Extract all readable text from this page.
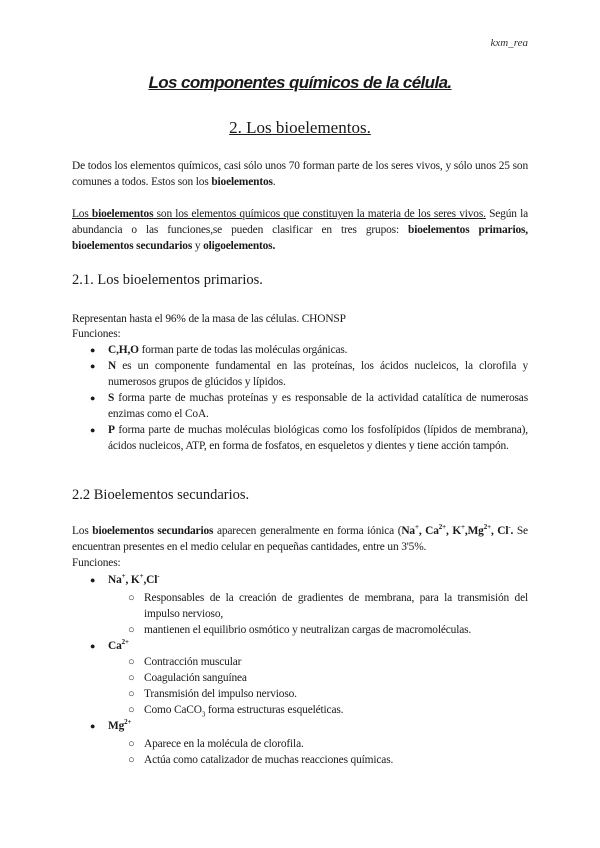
kxm_rea
Los componentes químicos de la célula.
2. Los bioelementos.

De todos los elementos químicos, casi sólo unos 70 forman parte de los seres vivos, y sólo unos 25 son comunes a todos. Estos son los bioelementos.

Los bioelementos son los elementos químicos que constituyen la materia de los seres vivos. Según la abundancia o las funciones,se pueden clasificar en tres grupos: bioelementos primarios, bioelementos secundarios y oligoelementos.

2.1. Los bioelementos primarios.

Representan hasta el 96% de la masa de las células. CHONSP

Funciones:

●

C,H,O forman parte de todas las moléculas orgánicas.

●

N es un componente fundamental en las proteínas, los ácidos nucleicos, la clorofila y numerosos grupos de glúcidos y lípidos.

●

S forma parte de muchas proteínas y es responsable de la actividad catalítica de numerosas enzimas como el CoA.

●

P forma parte de muchas moléculas biológicas como los fosfolípidos (lípidos de membrana), ácidos nucleicos, ATP, en forma de fosfatos, en esqueletos y dientes y tiene acción tampón.

2.2 Bioelementos secundarios.

Los bioelementos secundarios aparecen generalmente en forma iónica (Na+, $Ca^{2+}$, $K^+,Mg^{2+}$, Cl-. Se encuentran presentes en el medio celular en pequeñas cantidades, entre un 3'5%.

Funciones:

●

Na+, K+,Cl-

○

Responsables de la creación de gradientes de membrana, para la transmisión del impulso nervioso,

○

mantienen el equilibrio osmótico y neutralizan cargas de macromoléculas.

●

$Ca^{2+}$

○

Contracción muscular

○

Coagulación sanguínea

○

Transmisión del impulso nervioso.

○

Como CaCO$_3$ forma estructuras esqueléticas.

●

$Mg^{2+}$

○

Aparece en la molécula de clorofila.

○

Actúa como catalizador de muchas reacciones químicas.
